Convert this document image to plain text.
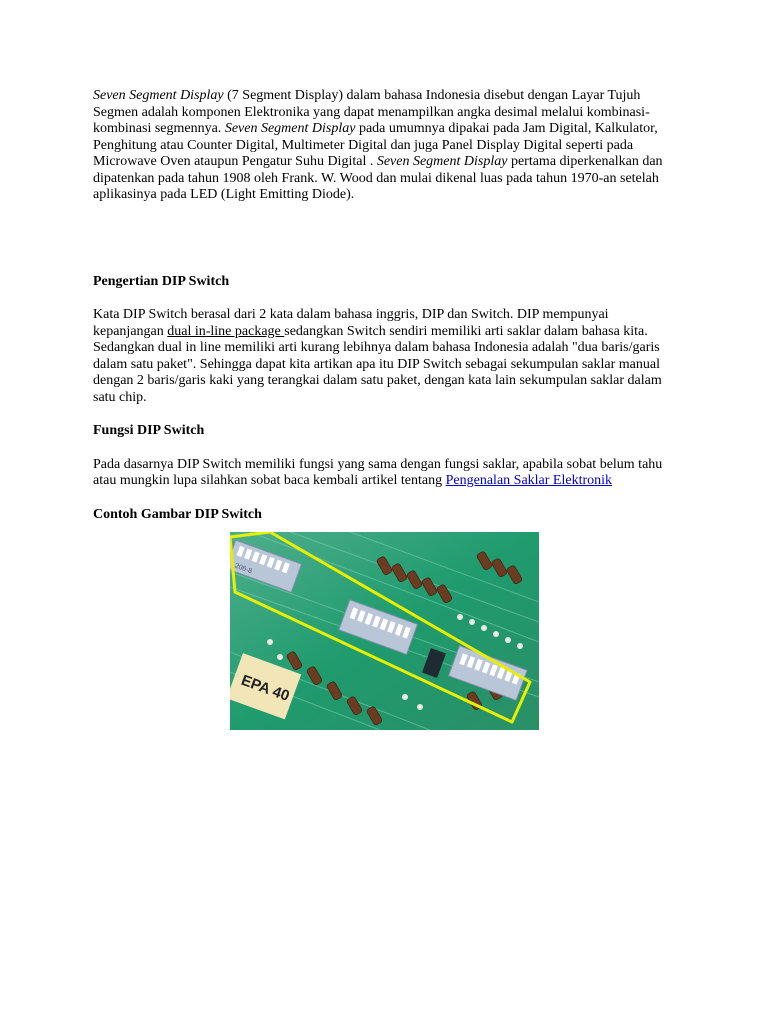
Seven Segment Display (7 Segment Display) dalam bahasa Indonesia disebut dengan Layar Tujuh Segmen adalah komponen Elektronika yang dapat menampilkan angka desimal melalui kombinasi-kombinasi segmennya. Seven Segment Display pada umumnya dipakai pada Jam Digital, Kalkulator, Penghitung atau Counter Digital, Multimeter Digital dan juga Panel Display Digital seperti pada Microwave Oven ataupun Pengatur Suhu Digital . Seven Segment Display pertama diperkenalkan dan dipatenkan pada tahun 1908 oleh Frank. W. Wood dan mulai dikenal luas pada tahun 1970-an setelah aplikasinya pada LED (Light Emitting Diode).

Pengertian DIP Switch

Kata DIP Switch berasal dari 2 kata dalam bahasa inggris, DIP dan Switch. DIP mempunyai kepanjangan dual in-line package sedangkan Switch sendiri memiliki arti saklar dalam bahasa kita. Sedangkan dual in line memiliki arti kurang lebihnya dalam bahasa Indonesia adalah "dua baris/garis dalam satu paket". Sehingga dapat kita artikan apa itu DIP Switch sebagai sekumpulan saklar manual dengan 2 baris/garis kaki yang terangkai dalam satu paket, dengan kata lain sekumpulan saklar dalam satu chip.

Fungsi DIP Switch

Pada dasarnya DIP Switch memiliki fungsi yang sama dengan fungsi saklar, apabila sobat belum tahu atau mungkin lupa silahkan sobat baca kembali artikel tentang Pengenalan Saklar Elektronik

Contoh Gambar DIP Switch

206-8
EPA 40
